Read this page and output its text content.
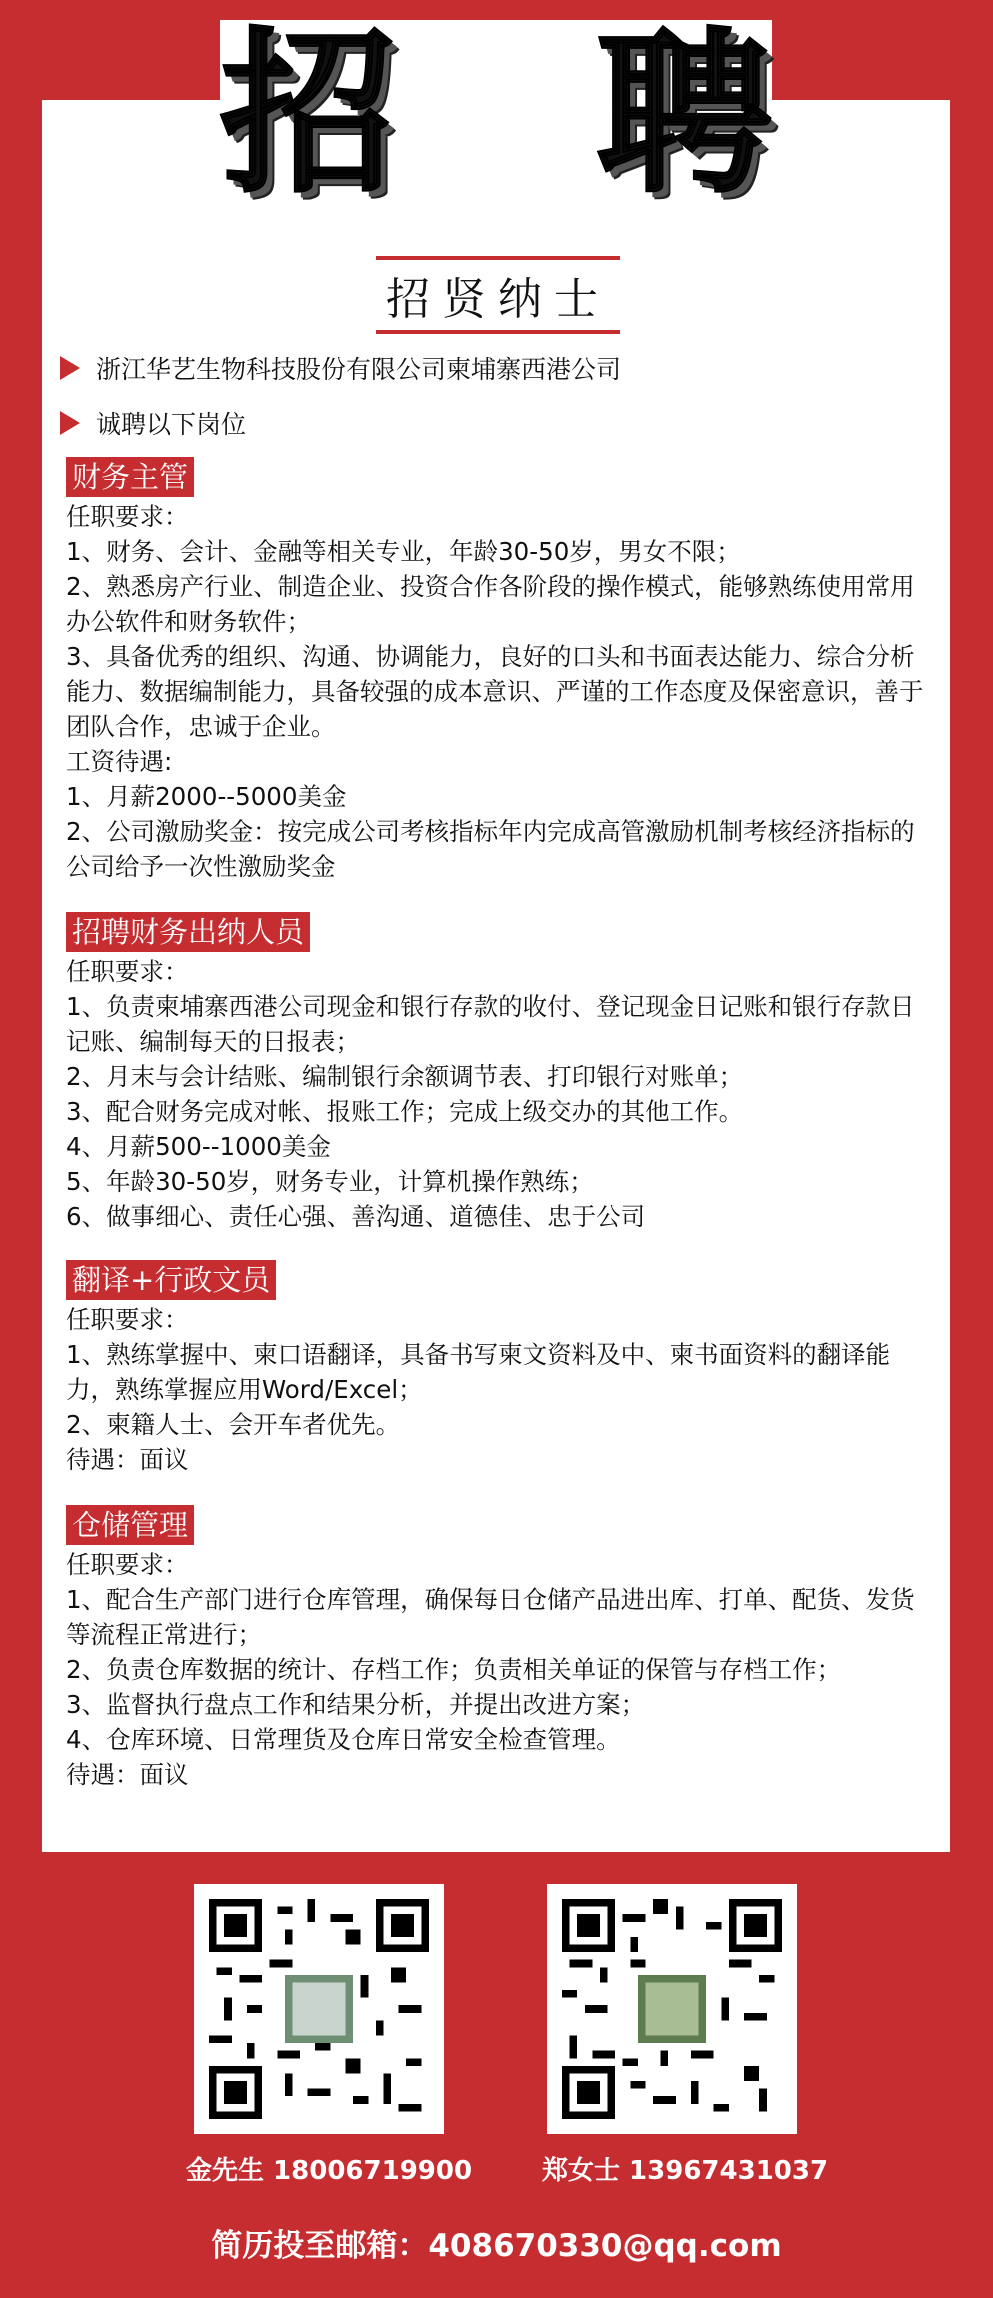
招 聘
招贤纳士
浙江华艺生物科技股份有限公司柬埔寨西港公司
诚聘以下岗位
财务主管
任职要求：
1、财务、会计、金融等相关专业，年龄30-50岁，男女不限；
2、熟悉房产行业、制造企业、投资合作各阶段的操作模式，能够熟练使用常用办公软件和财务软件；
3、具备优秀的组织、沟通、协调能力，良好的口头和书面表达能力、综合分析能力、数据编制能力，具备较强的成本意识、严谨的工作态度及保密意识，善于团队合作，忠诚于企业。
工资待遇:
1、月薪2000--5000美金
2、公司激励奖金：按完成公司考核指标年内完成高管激励机制考核经济指标的公司给予一次性激励奖金
招聘财务出纳人员
任职要求：
1、负责柬埔寨西港公司现金和银行存款的收付、登记现金日记账和银行存款日记账、编制每天的日报表；
2、月末与会计结账、编制银行余额调节表、打印银行对账单；
3、配合财务完成对帐、报账工作；完成上级交办的其他工作。
4、月薪500--1000美金
5、年龄30-50岁，财务专业，计算机操作熟练；
6、做事细心、责任心强、善沟通、道德佳、忠于公司
翻译+行政文员
任职要求：
1、熟练掌握中、柬口语翻译，具备书写柬文资料及中、柬书面资料的翻译能力，熟练掌握应用Word/Excel；
2、柬籍人士、会开车者优先。
待遇：面议
仓储管理
任职要求：
1、配合生产部门进行仓库管理，确保每日仓储产品进出库、打单、配货、发货等流程正常进行；
2、负责仓库数据的统计、存档工作；负责相关单证的保管与存档工作；
3、监督执行盘点工作和结果分析，并提出改进方案；
4、仓库环境、日常理货及仓库日常安全检查管理。
待遇：面议
金先生 18006719900	郑女士 13967431037
简历投至邮箱：408670330@qq.com
